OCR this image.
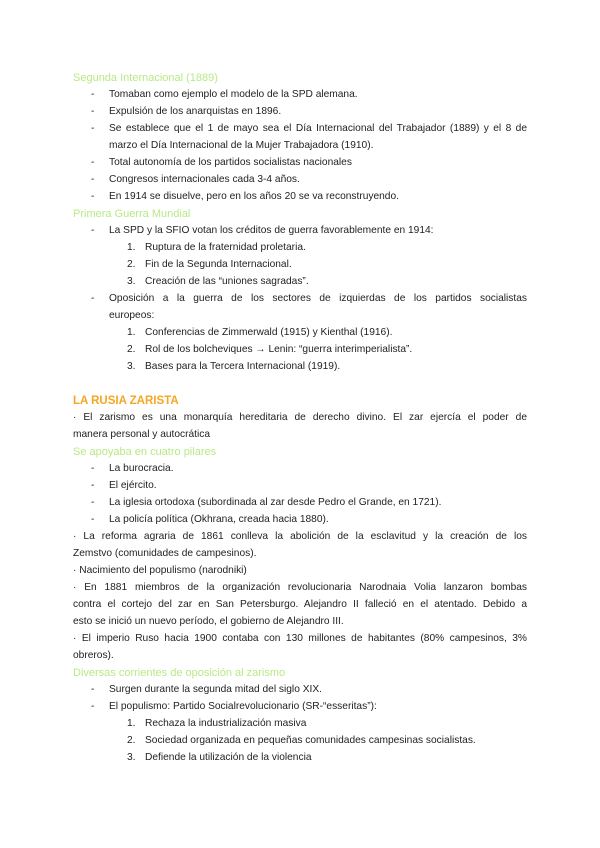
Segunda Internacional (1889)
- Tomaban como ejemplo el modelo de la SPD alemana.
- Expulsión de los anarquistas en 1896.
- Se establece que el 1 de mayo sea el Día Internacional del Trabajador (1889) y el 8 de
marzo el Día Internacional de la Mujer Trabajadora (1910).
- Total autonomía de los partidos socialistas nacionales
- Congresos internacionales cada 3-4 años.
- En 1914 se disuelve, pero en los años 20 se va reconstruyendo.
Primera Guerra Mundial
- La SPD y la SFIO votan los créditos de guerra favorablemente en 1914:
1. Ruptura de la fraternidad proletaria.
2. Fin de la Segunda Internacional.
3. Creación de las “uniones sagradas”.
- Oposición a la guerra de los sectores de izquierdas de los partidos socialistas
europeos:
1. Conferencias de Zimmerwald (1915) y Kienthal (1916).
2. Rol de los bolcheviques → Lenin: “guerra interimperialista”.
3. Bases para la Tercera Internacional (1919).
LA RUSIA ZARISTA
· El zarismo es una monarquía hereditaria de derecho divino. El zar ejercía el poder de
manera personal y autocrática
Se apoyaba en cuatro pilares
- La burocracia.
- El ejército.
- La iglesia ortodoxa (subordinada al zar desde Pedro el Grande, en 1721).
- La policía política (Okhrana, creada hacia 1880).
· La reforma agraria de 1861 conlleva la abolición de la esclavitud y la creación de los
Zemstvo (comunidades de campesinos).
· Nacimiento del populismo (narodniki)
· En 1881 miembros de la organización revolucionaria Narodnaia Volia lanzaron bombas
contra el cortejo del zar en San Petersburgo. Alejandro II falleció en el atentado. Debido a
esto se inició un nuevo período, el gobierno de Alejandro III.
· El imperio Ruso hacia 1900 contaba con 130 millones de habitantes (80% campesinos, 3%
obreros).
Diversas corrientes de oposición al zarismo
- Surgen durante la segunda mitad del siglo XIX.
- El populismo: Partido Socialrevolucionario (SR-“esseritas”):
1. Rechaza la industrialización masiva
2. Sociedad organizada en pequeñas comunidades campesinas socialistas.
3. Defiende la utilización de la violencia
